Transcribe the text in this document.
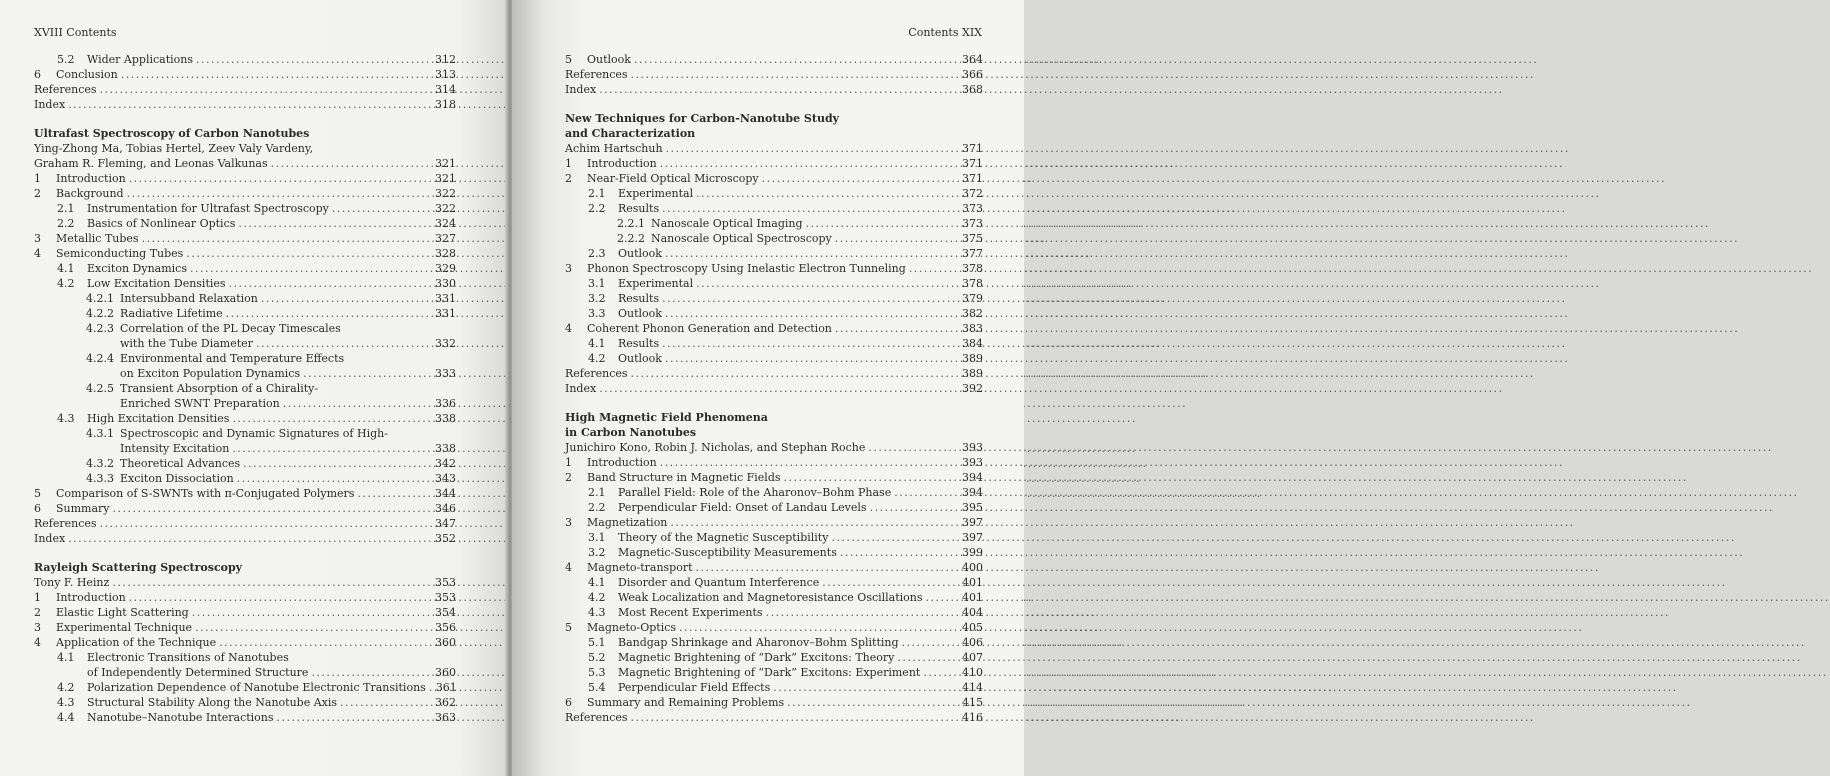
XVIII Contents
5.2	Wider Applications .....	312
6	Conclusion .....	313
References .....	314
Index .....	318
Ultrafast Spectroscopy of Carbon Nanotubes
Ying-Zhong Ma, Tobias Hertel, Zeev Valy Vardeny,
Graham R. Fleming, and Leonas Valkunas .....	321
1	Introduction .....	321
2	Background .....	322
2.1	Instrumentation for Ultrafast Spectroscopy .....	322
2.2	Basics of Nonlinear Optics .....	324
3	Metallic Tubes .....	327
4	Semiconducting Tubes .....	328
4.1	Exciton Dynamics .....	329
4.2	Low Excitation Densities .....	330
4.2.1 Intersubband Relaxation .....	331
4.2.2 Radiative Lifetime .....	331
4.2.3 Correlation of the PL Decay Timescales
with the Tube Diameter .....	332
4.2.4 Environmental and Temperature Effects
on Exciton Population Dynamics .....	333
4.2.5 Transient Absorption of a Chirality-
Enriched SWNT Preparation .....	336
4.3	High Excitation Densities .....	338
4.3.1 Spectroscopic and Dynamic Signatures of High-
Intensity Excitation .....	338
4.3.2 Theoretical Advances .....	342
4.3.3 Exciton Dissociation .....	343
5	Comparison of S-SWNTs with π-Conjugated Polymers .....	344
6	Summary .....	346
References .....	347
Index .....	352
Rayleigh Scattering Spectroscopy
Tony F. Heinz .....	353
1	Introduction .....	353
2	Elastic Light Scattering .....	354
3	Experimental Technique .....	356
4	Application of the Technique .....	360
4.1	Electronic Transitions of Nanotubes
of Independently Determined Structure .....	360
4.2	Polarization Dependence of Nanotube Electronic Transitions ..... 361
4.3	Structural Stability Along the Nanotube Axis .....	362
4.4	Nanotube–Nanotube Interactions .....	363
Contents XIX
5	Outlook .....	364
References .....	366
Index .....	368
New Techniques for Carbon-Nanotube Study
and Characterization
Achim Hartschuh .....	371
1	Introduction .....	371
2	Near-Field Optical Microscopy .....	371
2.1	Experimental .....	372
2.2	Results .....	373
2.2.1 Nanoscale Optical Imaging .....	373
2.2.2 Nanoscale Optical Spectroscopy .....	375
2.3	Outlook .....	377
3	Phonon Spectroscopy Using Inelastic Electron Tunneling .....	378
3.1	Experimental .....	378
3.2	Results .....	379
3.3	Outlook .....	382
4	Coherent Phonon Generation and Detection .....	383
4.1	Results .....	384
4.2	Outlook .....	389
References .....	389
Index .....	392
High Magnetic Field Phenomena
in Carbon Nanotubes
Junichiro Kono, Robin J. Nicholas, and Stephan Roche .....	393
1	Introduction .....	393
2	Band Structure in Magnetic Fields .....	394
2.1	Parallel Field: Role of the Aharonov–Bohm Phase .....	394
2.2	Perpendicular Field: Onset of Landau Levels .....	395
3	Magnetization .....	397
3.1	Theory of the Magnetic Susceptibility .....	397
3.2	Magnetic-Susceptibility Measurements .....	399
4	Magneto-transport .....	400
4.1	Disorder and Quantum Interference .....	401
4.2	Weak Localization and Magnetoresistance Oscillations .....	401
4.3	Most Recent Experiments .....	404
5	Magneto-Optics .....	405
5.1	Bandgap Shrinkage and Aharonov–Bohm Splitting .....	406
5.2	Magnetic Brightening of “Dark” Excitons: Theory .....	407
5.3	Magnetic Brightening of “Dark” Excitons: Experiment .....	410
5.4	Perpendicular Field Effects .....	414
6	Summary and Remaining Problems .....	415
References .....	416
